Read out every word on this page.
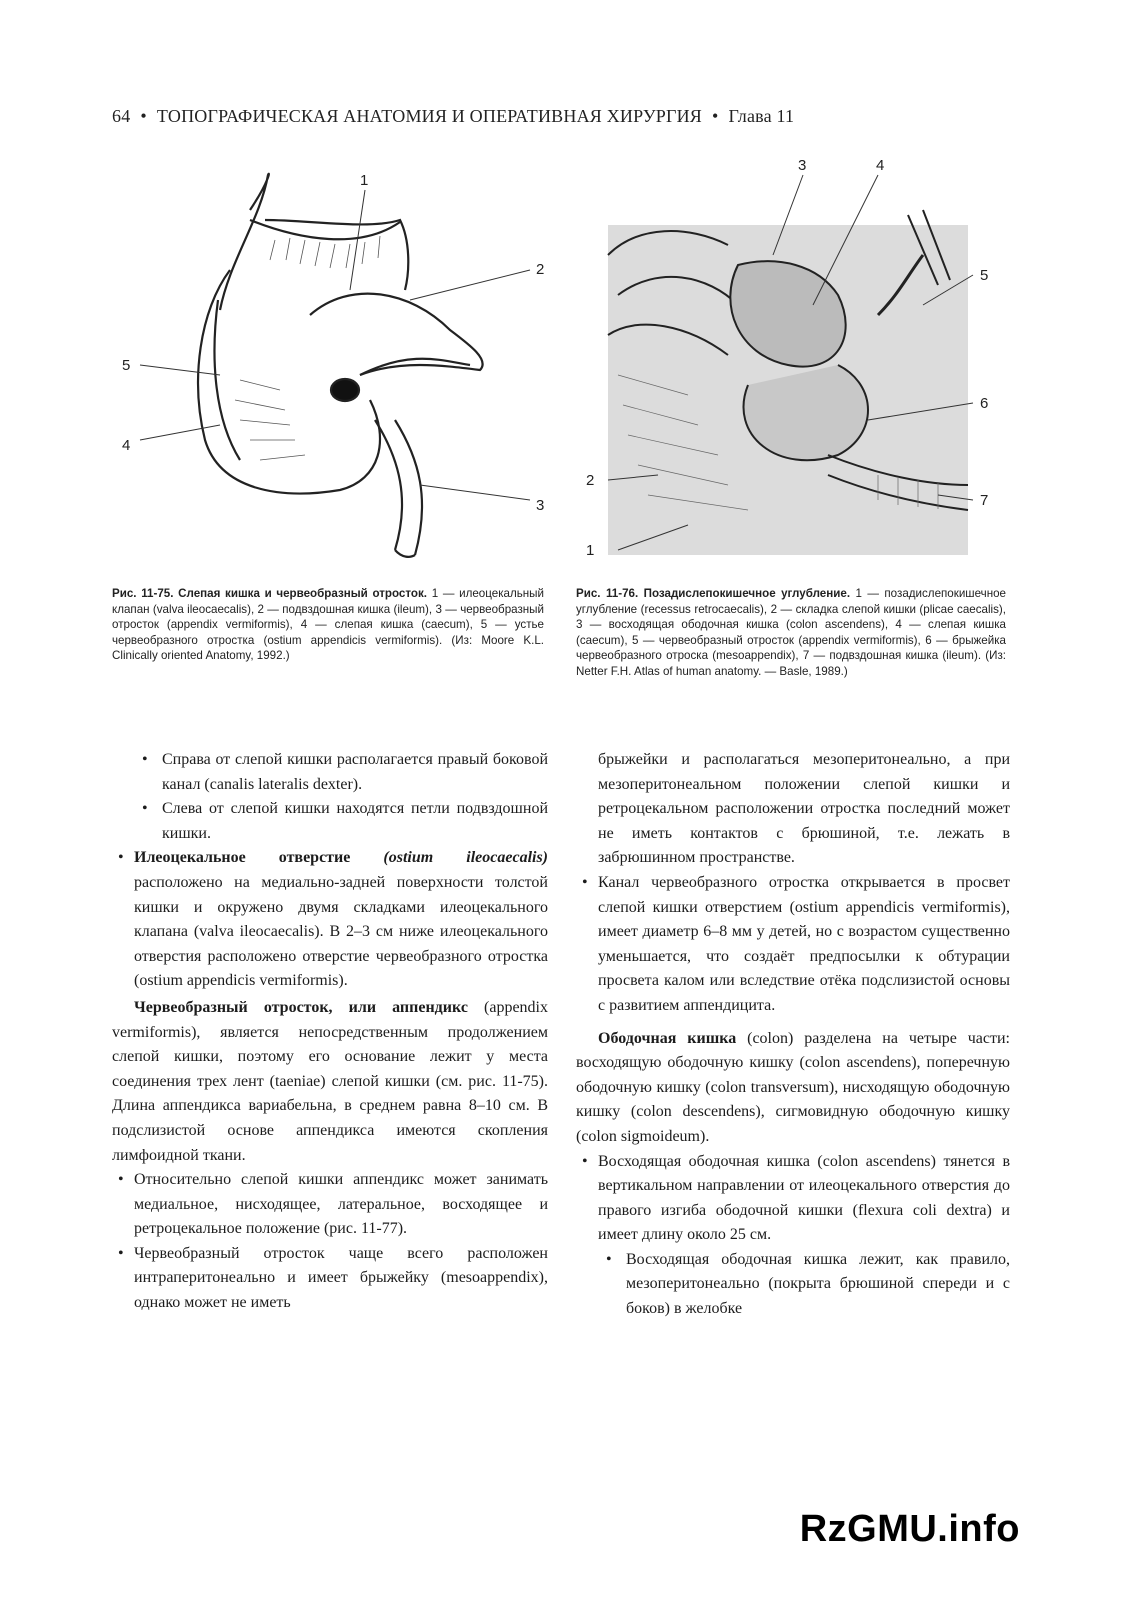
64 • ТОПОГРАФИЧЕСКАЯ АНАТОМИЯ И ОПЕРАТИВНАЯ ХИРУРГИЯ • Глава 11
1
2
3
4
5
1
2
3	4
5
6
7
Рис. 11-75. Слепая кишка и червеобразный отросток. 1 — илеоцекальный клапан (valva ileocaecalis), 2 — подвздошная кишка (ileum), 3 — червеобразный отросток (appendix vermiformis), 4 — слепая кишка (caecum), 5 — устье червеобразного отростка (ostium appendicis vermiformis). (Из: Moore K.L. Clinically oriented Anatomy, 1992.)
Рис. 11-76. Позадислепокишечное углубление. 1 — позадислепокишечное углубление (recessus retrocaecalis), 2 — складка слепой кишки (plicae caecalis), 3 — восходящая ободочная кишка (colon ascendens), 4 — слепая кишка (caecum), 5 — червеобразный отросток (appendix vermiformis), 6 — брыжейка червеобразного отроска (mesoappendix), 7 — подвздошная кишка (ileum). (Из: Netter F.H. Atlas of human anatomy. — Basle, 1989.)

• Справа от слепой кишки располагается правый боковой канал (canalis lateralis dexter).

• Слева от слепой кишки находятся петли подвздошной кишки.

• Илеоцекальное отверстие (ostium ileocaecalis) расположено на медиально-задней поверхности толстой кишки и окружено двумя складками илеоцекального клапана (valva ileocaecalis). В 2–3 см ниже илеоцекального отверстия расположено отверстие червеобразного отростка (ostium appendicis vermiformis).

Червеобразный отросток, или аппендикс (appendix vermiformis), является непосредственным продолжением слепой кишки, поэтому его основание лежит у места соединения трех лент (taeniae) слепой кишки (см. рис. 11-75). Длина аппендикса вариабельна, в среднем равна 8–10 см. В подслизистой основе аппендикса имеются скопления лимфоидной ткани.

• Относительно слепой кишки аппендикс может занимать медиальное, нисходящее, латеральное, восходящее и ретроцекальное положение (рис. 11-77).

• Червеобразный отросток чаще всего расположен интраперитонеально и имеет брыжейку (mesoappendix), однако может не иметь

брыжейки и располагаться мезоперитонеально, а при мезоперитонеальном положении слепой кишки и ретроцекальном расположении отростка последний может не иметь контактов с брюшиной, т.е. лежать в забрюшинном пространстве.

• Канал червеобразного отростка открывается в просвет слепой кишки отверстием (ostium appendicis vermiformis), имеет диаметр 6–8 мм у детей, но с возрастом существенно уменьшается, что создаёт предпосылки к обтурации просвета калом или вследствие отёка подслизистой основы с развитием аппендицита.

Ободочная кишка (colon) разделена на четыре части: восходящую ободочную кишку (colon ascendens), поперечную ободочную кишку (colon transversum), нисходящую ободочную кишку (colon descendens), сигмовидную ободочную кишку (colon sigmoideum).

• Восходящая ободочная кишка (colon ascendens) тянется в вертикальном направлении от илеоцекального отверстия до правого изгиба ободочной кишки (flexura coli dextra) и имеет длину около 25 см.

• Восходящая ободочная кишка лежит, как правило, мезоперитонеально (покрыта брюшиной спереди и с боков) в желобке

RzGMU.info
